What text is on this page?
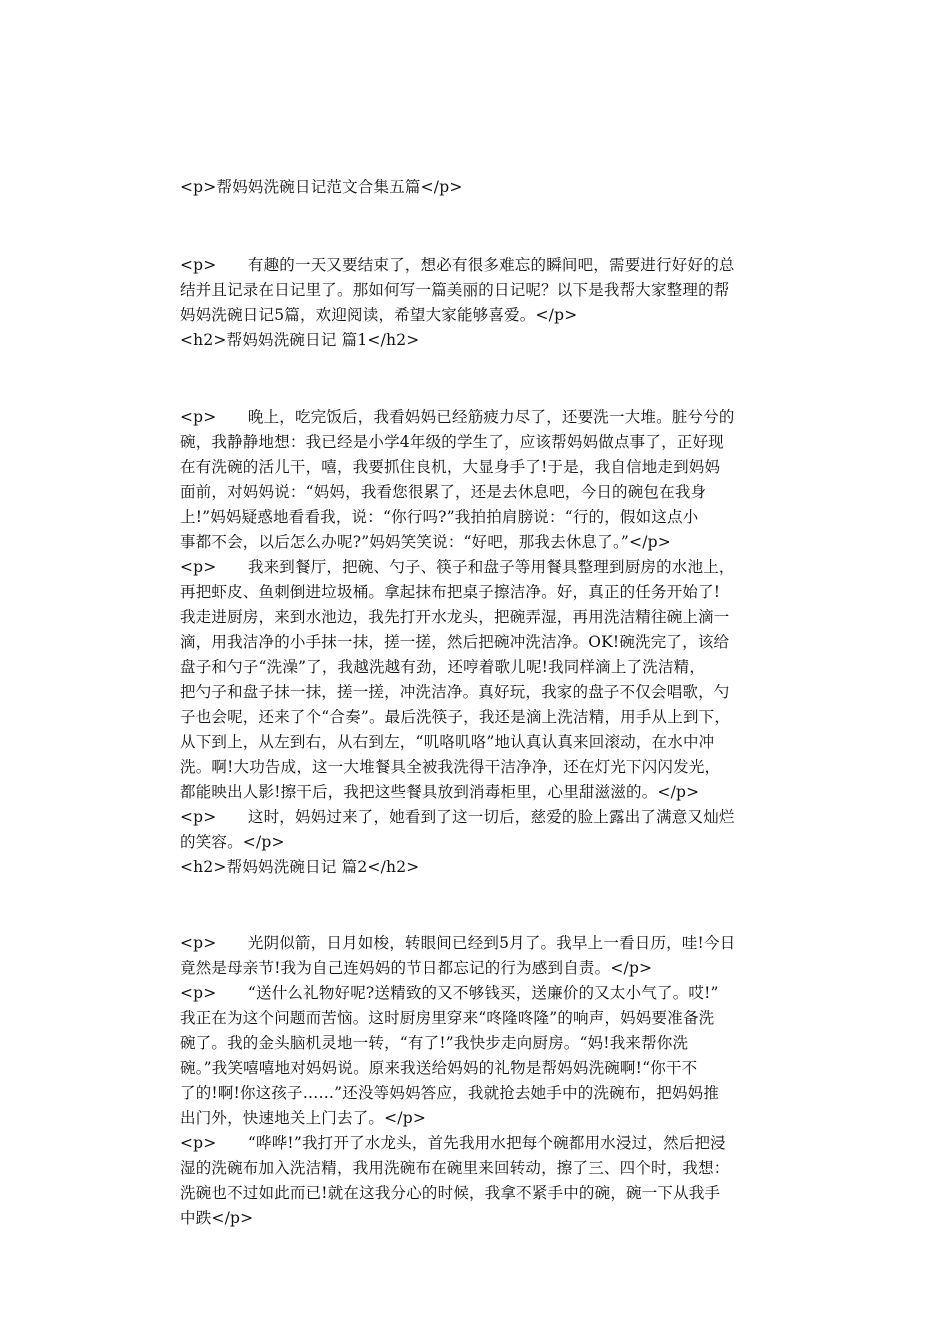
<p>帮妈妈洗碗日记范文合集五篇</p>
<p>　　有趣的一天又要结束了，想必有很多难忘的瞬间吧，需要进行好好的总
结并且记录在日记里了。那如何写一篇美丽的日记呢？以下是我帮大家整理的帮
妈妈洗碗日记5篇，欢迎阅读，希望大家能够喜爱。</p>
<h2>帮妈妈洗碗日记 篇1</h2>
<p>　　晚上，吃完饭后，我看妈妈已经筋疲力尽了，还要洗一大堆。脏兮兮的
碗，我静静地想：我已经是小学4年级的学生了，应该帮妈妈做点事了，正好现
在有洗碗的活儿干，嘻，我要抓住良机，大显身手了!于是，我自信地走到妈妈
面前，对妈妈说：“妈妈，我看您很累了，还是去休息吧，今日的碗包在我身
上!”妈妈疑惑地看看我，说：“你行吗?”我拍拍肩膀说：“行的，假如这点小
事都不会，以后怎么办呢?”妈妈笑笑说：“好吧，那我去休息了。”</p>
<p>　　我来到餐厅，把碗、勺子、筷子和盘子等用餐具整理到厨房的水池上，
再把虾皮、鱼刺倒进垃圾桶。拿起抹布把桌子擦洁净。好，真正的任务开始了!
我走进厨房，来到水池边，我先打开水龙头，把碗弄湿，再用洗洁精往碗上滴一
滴，用我洁净的小手抹一抹，搓一搓，然后把碗冲洗洁净。OK!碗洗完了，该给
盘子和勺子“洗澡”了，我越洗越有劲，还哼着歌儿呢!我同样滴上了洗洁精，
把勺子和盘子抹一抹，搓一搓，冲洗洁净。真好玩，我家的盘子不仅会唱歌，勺
子也会呢，还来了个“合奏”。最后洗筷子，我还是滴上洗洁精，用手从上到下，
从下到上，从左到右，从右到左，“叽咯叽咯”地认真认真来回滚动，在水中冲
洗。啊!大功告成，这一大堆餐具全被我洗得干洁净净，还在灯光下闪闪发光，
都能映出人影!擦干后，我把这些餐具放到消毒柜里，心里甜滋滋的。</p>
<p>　　这时，妈妈过来了，她看到了这一切后，慈爱的脸上露出了满意又灿烂
的笑容。</p>
<h2>帮妈妈洗碗日记 篇2</h2>
<p>　　光阴似箭，日月如梭，转眼间已经到5月了。我早上一看日历，哇!今日
竟然是母亲节!我为自己连妈妈的节日都忘记的行为感到自责。</p>
<p>　　“送什么礼物好呢?送精致的又不够钱买，送廉价的又太小气了。哎!”
我正在为这个问题而苦恼。这时厨房里穿来“咚隆咚隆”的响声，妈妈要准备洗
碗了。我的金头脑机灵地一转，“有了!”我快步走向厨房。“妈!我来帮你洗
碗。”我笑嘻嘻地对妈妈说。原来我送给妈妈的礼物是帮妈妈洗碗啊!“你干不
了的!啊!你这孩子……”还没等妈妈答应，我就抢去她手中的洗碗布，把妈妈推
出门外，快速地关上门去了。</p>
<p>　　“哗哗!”我打开了水龙头，首先我用水把每个碗都用水浸过，然后把浸
湿的洗碗布加入洗洁精，我用洗碗布在碗里来回转动，擦了三、四个时，我想：
洗碗也不过如此而已!就在这我分心的时候，我拿不紧手中的碗，碗一下从我手
中跌</p>
